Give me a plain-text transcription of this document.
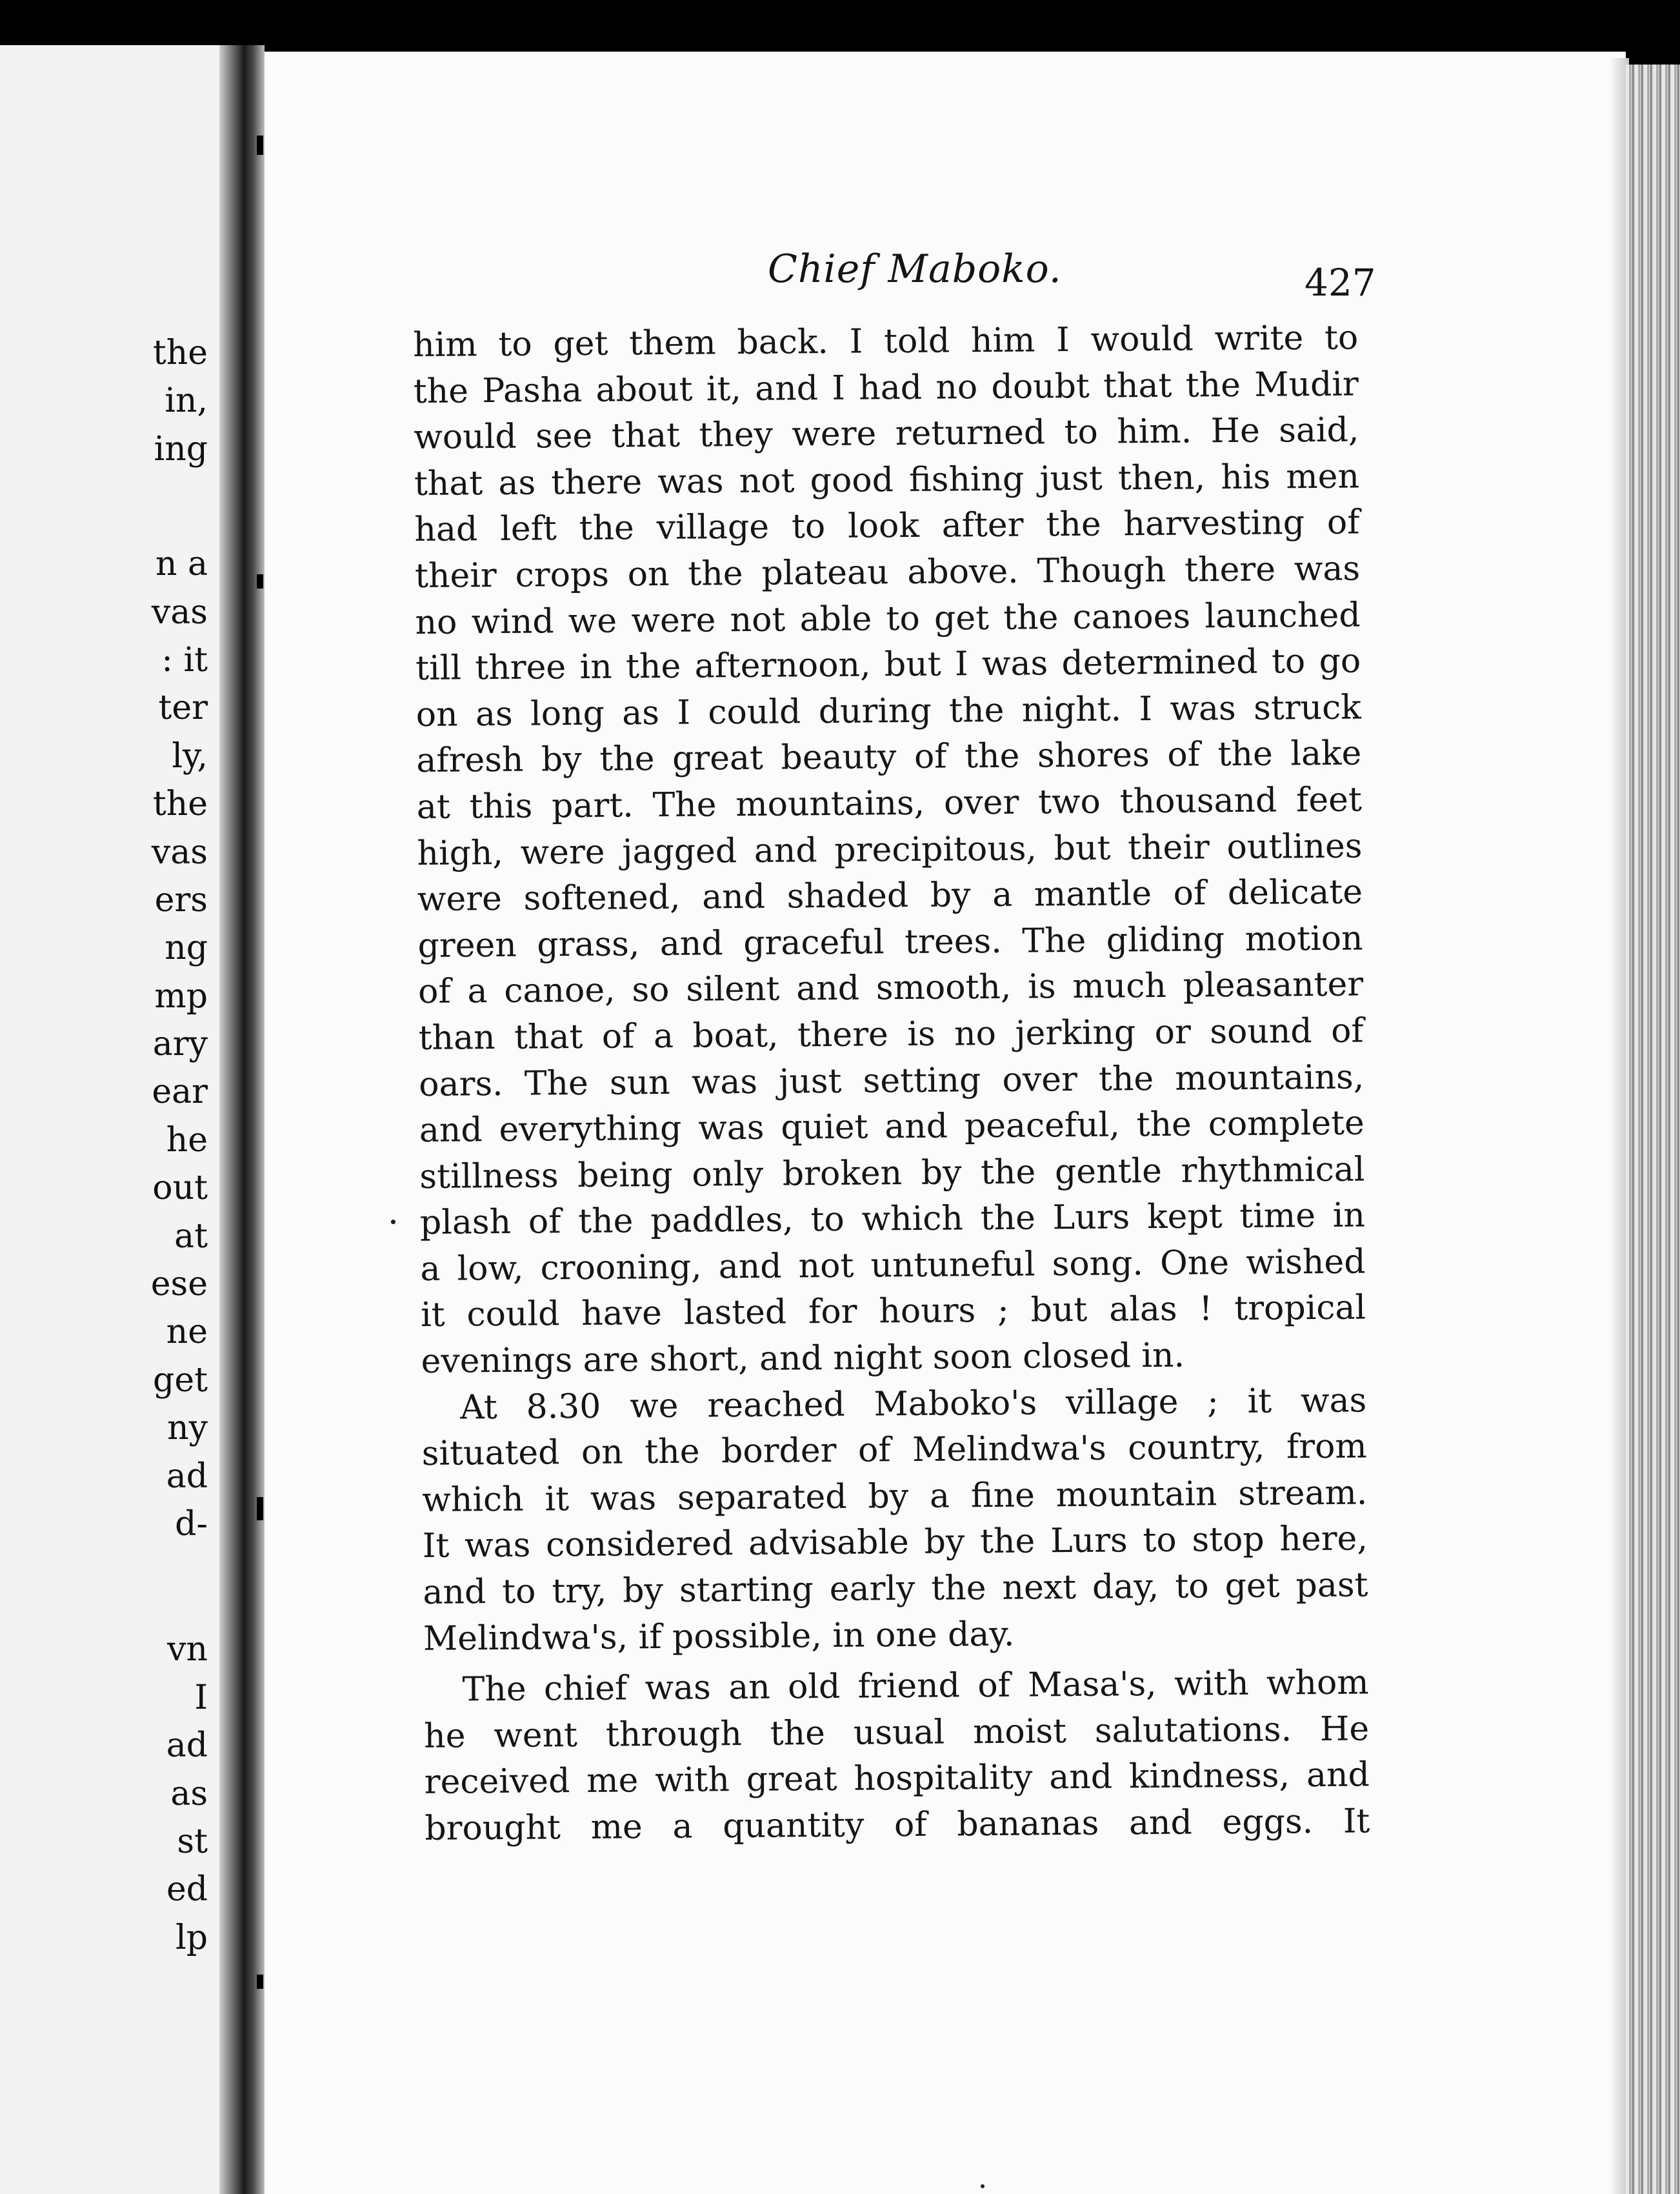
the
in,
ing
n a
vas
: it
ter
ly,
the
vas
ers
ng
mp
ary
ear
he
out
at
ese
ne
get
ny
ad
d-
vn
I
ad
as
st
ed
lp
Chief Maboko.	427
him to get them back. I told him I would write to
the Pasha about it, and I had no doubt that the Mudir
would see that they were returned to him. He said,
that as there was not good fishing just then, his men
had left the village to look after the harvesting of
their crops on the plateau above. Though there was
no wind we were not able to get the canoes launched
till three in the afternoon, but I was determined to go
on as long as I could during the night. I was struck
afresh by the great beauty of the shores of the lake
at this part. The mountains, over two thousand feet
high, were jagged and precipitous, but their outlines
were softened, and shaded by a mantle of delicate
green grass, and graceful trees. The gliding motion
of a canoe, so silent and smooth, is much pleasanter
than that of a boat, there is no jerking or sound of
oars. The sun was just setting over the mountains,
and everything was quiet and peaceful, the complete
stillness being only broken by the gentle rhythmical
plash of the paddles, to which the Lurs kept time in
a low, crooning, and not untuneful song. One wished
it could have lasted for hours ; but alas ! tropical
evenings are short, and night soon closed in.
At 8.30 we reached Maboko's village ; it was
situated on the border of Melindwa's country, from
which it was separated by a fine mountain stream.
It was considered advisable by the Lurs to stop here,
and to try, by starting early the next day, to get past
Melindwa's, if possible, in one day.
The chief was an old friend of Masa's, with whom
he went through the usual moist salutations. He
received me with great hospitality and kindness, and
brought me a quantity of bananas and eggs. It
